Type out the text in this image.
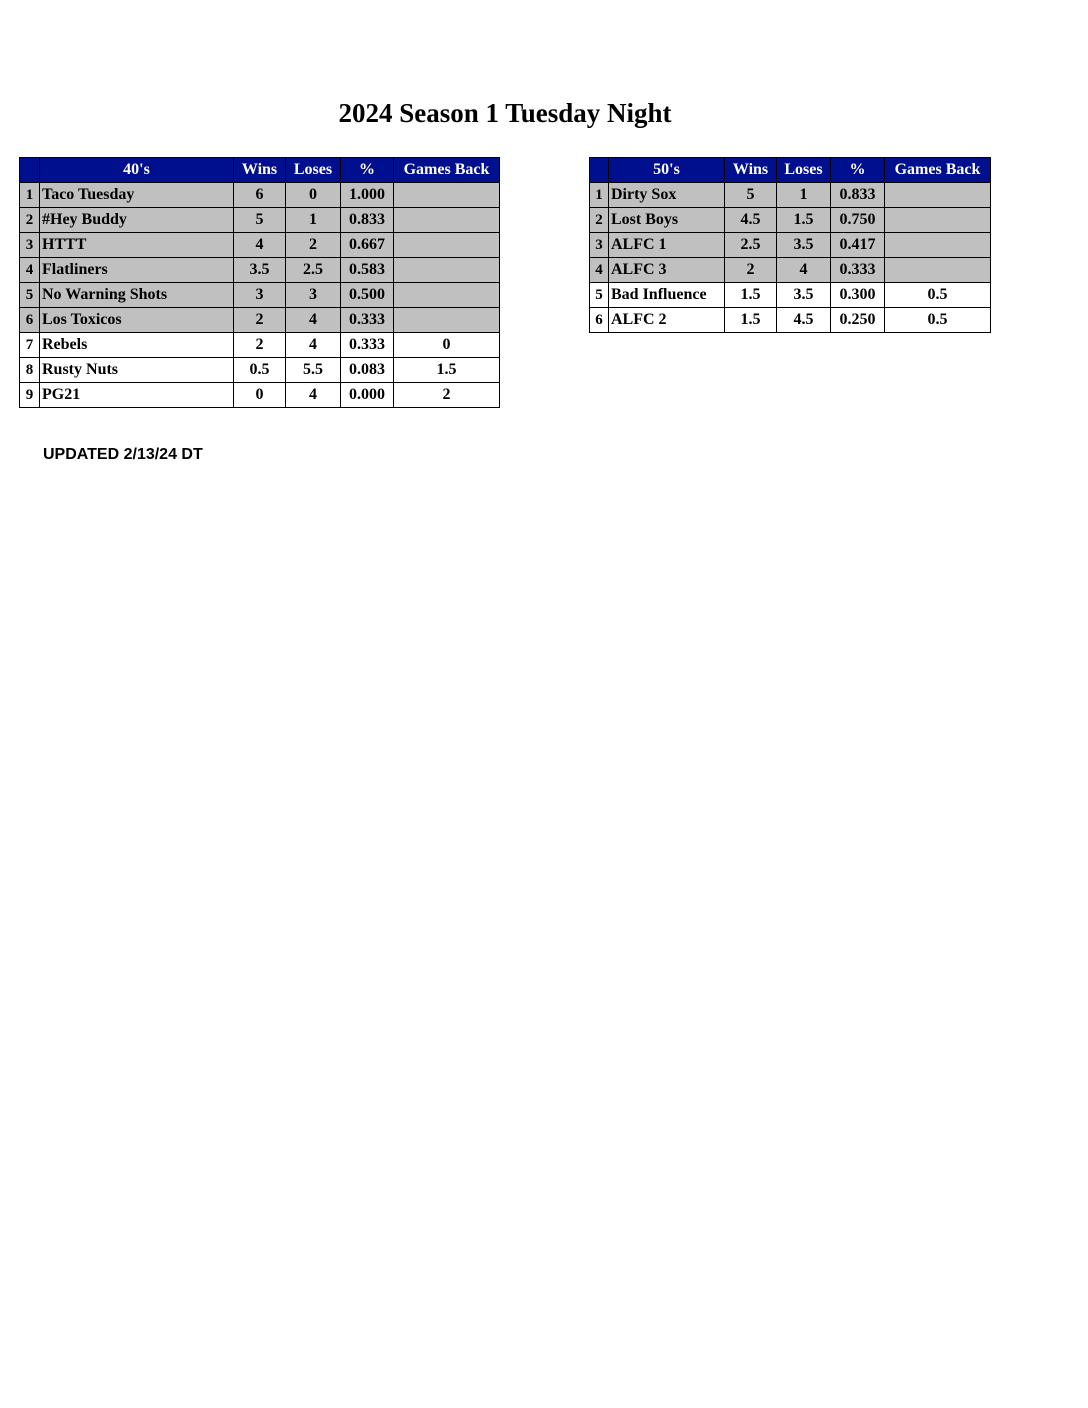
2024 Season 1 Tuesday Night
	40's	Wins	Loses	%	Games Back
1	Taco Tuesday	6	0	1.000	
2	#Hey Buddy	5	1	0.833	
3	HTTT	4	2	0.667	
4	Flatliners	3.5	2.5	0.583	
5	No Warning Shots	3	3	0.500	
6	Los Toxicos	2	4	0.333	
7	Rebels	2	4	0.333	0
8	Rusty Nuts	0.5	5.5	0.083	1.5
9	PG21	0	4	0.000	2
	50's	Wins	Loses	%	Games Back
1	Dirty Sox	5	1	0.833	
2	Lost Boys	4.5	1.5	0.750	
3	ALFC 1	2.5	3.5	0.417	
4	ALFC 3	2	4	0.333	
5	Bad Influence	1.5	3.5	0.300	0.5
6	ALFC 2	1.5	4.5	0.250	0.5
UPDATED 2/13/24 DT
